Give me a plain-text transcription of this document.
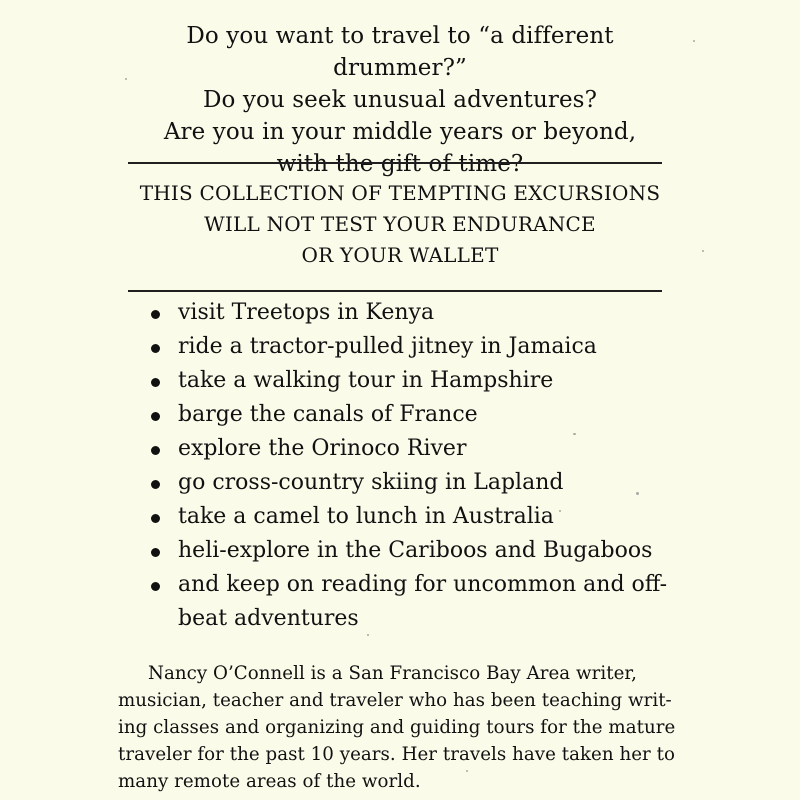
Do you want to travel to “a different drummer?”
Do you seek unusual adventures?
Are you in your middle years or beyond,
with the gift of time?
THIS COLLECTION OF TEMPTING EXCURSIONS
WILL NOT TEST YOUR ENDURANCE
OR YOUR WALLET
visit Treetops in Kenya
ride a tractor-pulled jitney in Jamaica
take a walking tour in Hampshire
barge the canals of France
explore the Orinoco River
go cross-country skiing in Lapland
take a camel to lunch in Australia
heli-explore in the Cariboos and Bugaboos
and keep on reading for uncommon and off-beat adventures
Nancy O’Connell is a San Francisco Bay Area writer,
musician, teacher and traveler who has been teaching writ-
ing classes and organizing and guiding tours for the mature
traveler for the past 10 years. Her travels have taken her to
many remote areas of the world.
